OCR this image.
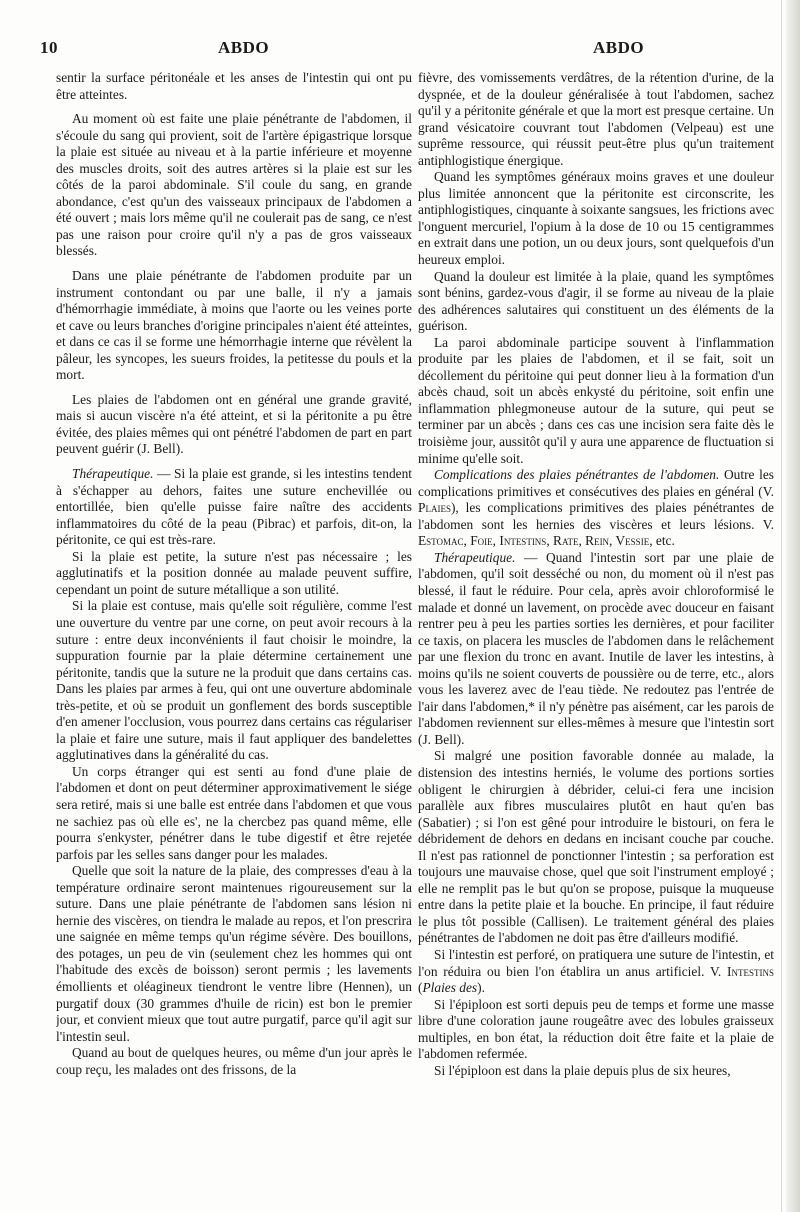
10	ABDO	ABDO

sentir la surface péritonéale et les anses de l'intestin qui ont pu être atteintes.

Au moment où est faite une plaie pénétrante de l'abdomen, il s'écoule du sang qui provient, soit de l'artère épigastrique lorsque la plaie est située au niveau et à la partie inférieure et moyenne des muscles droits, soit des autres artères si la plaie est sur les côtés de la paroi abdominale. S'il coule du sang, en grande abondance, c'est qu'un des vaisseaux principaux de l'abdomen a été ouvert ; mais lors même qu'il ne coulerait pas de sang, ce n'est pas une raison pour croire qu'il n'y a pas de gros vaisseaux blessés.

Dans une plaie pénétrante de l'abdomen produite par un instrument contondant ou par une balle, il n'y a jamais d'hémorrhagie immédiate, à moins que l'aorte ou les veines porte et cave ou leurs branches d'origine principales n'aient été atteintes, et dans ce cas il se forme une hémorrhagie interne que révèlent la pâleur, les syncopes, les sueurs froides, la petitesse du pouls et la mort.

Les plaies de l'abdomen ont en général une grande gravité, mais si aucun viscère n'a été atteint, et si la péritonite a pu être évitée, des plaies mêmes qui ont pénétré l'abdomen de part en part peuvent guérir (J. Bell).

Thérapeutique. — Si la plaie est grande, si les intestins tendent à s'échapper au dehors, faites une suture enchevillée ou entortillée, bien qu'elle puisse faire naître des accidents inflammatoires du côté de la peau (Pibrac) et parfois, dit-on, la péritonite, ce qui est très-rare.

Si la plaie est petite, la suture n'est pas nécessaire ; les agglutinatifs et la position donnée au malade peuvent suffire, cependant un point de suture métallique a son utilité.

Si la plaie est contuse, mais qu'elle soit régulière, comme l'est une ouverture du ventre par une corne, on peut avoir recours à la suture : entre deux inconvénients il faut choisir le moindre, la suppuration fournie par la plaie détermine certainement une péritonite, tandis que la suture ne la produit que dans certains cas. Dans les plaies par armes à feu, qui ont une ouverture abdominale très-petite, et où se produit un gonflement des bords susceptible d'en amener l'occlusion, vous pourrez dans certains cas régulariser la plaie et faire une suture, mais il faut appliquer des bandelettes agglutinatives dans la généralité du cas.

Un corps étranger qui est senti au fond d'une plaie de l'abdomen et dont on peut déterminer approximativement le siége sera retiré, mais si une balle est entrée dans l'abdomen et que vous ne sachiez pas où elle es', ne la chercbez pas quand même, elle pourra s'enkyster, pénétrer dans le tube digestif et être rejetée parfois par les selles sans danger pour les malades.

Quelle que soit la nature de la plaie, des compresses d'eau à la température ordinaire seront maintenues rigoureusement sur la suture. Dans une plaie pénétrante de l'abdomen sans lésion ni hernie des viscères, on tiendra le malade au repos, et l'on prescrira une saignée en même temps qu'un régime sévère. Des bouillons, des potages, un peu de vin (seulement chez les hommes qui ont l'habitude des excès de boisson) seront permis ; les lavements émollients et oléagineux tiendront le ventre libre (Hennen), un purgatif doux (30 grammes d'huile de ricin) est bon le premier jour, et convient mieux que tout autre purgatif, parce qu'il agit sur l'intestin seul.

Quand au bout de quelques heures, ou même d'un jour après le coup reçu, les malades ont des frissons, de la

fièvre, des vomissements verdâtres, de la rétention d'urine, de la dyspnée, et de la douleur généralisée à tout l'abdomen, sachez qu'il y a péritonite générale et que la mort est presque certaine. Un grand vésicatoire couvrant tout l'abdomen (Velpeau) est une suprême ressource, qui réussit peut-être plus qu'un traitement antiphlogistique énergique.

Quand les symptômes généraux moins graves et une douleur plus limitée annoncent que la péritonite est circonscrite, les antiphlogistiques, cinquante à soixante sangsues, les frictions avec l'onguent mercuriel, l'opium à la dose de 10 ou 15 centigrammes en extrait dans une potion, un ou deux jours, sont quelquefois d'un heureux emploi.

Quand la douleur est limitée à la plaie, quand les symptômes sont bénins, gardez-vous d'agir, il se forme au niveau de la plaie des adhérences salutaires qui constituent un des éléments de la guérison.

La paroi abdominale participe souvent à l'inflammation produite par les plaies de l'abdomen, et il se fait, soit un décollement du péritoine qui peut donner lieu à la formation d'un abcès chaud, soit un abcès enkysté du péritoine, soit enfin une inflammation phlegmoneuse autour de la suture, qui peut se terminer par un abcès ; dans ces cas une incision sera faite dès le troisième jour, aussitôt qu'il y aura une apparence de fluctuation si minime qu'elle soit.

Complications des plaies pénétrantes de l'abdomen. Outre les complications primitives et consécutives des plaies en général (V. Plaies), les complications primitives des plaies pénétrantes de l'abdomen sont les hernies des viscères et leurs lésions. V. Estomac, Foie, Intestins, Rate, Rein, Vessie, etc.

Thérapeutique. — Quand l'intestin sort par une plaie de l'abdomen, qu'il soit desséché ou non, du moment où il n'est pas blessé, il faut le réduire. Pour cela, après avoir chloroformisé le malade et donné un lavement, on procède avec douceur en faisant rentrer peu à peu les parties sorties les dernières, et pour faciliter ce taxis, on placera les muscles de l'abdomen dans le relâchement par une flexion du tronc en avant. Inutile de laver les intestins, à moins qu'ils ne soient couverts de poussière ou de terre, etc., alors vous les laverez avec de l'eau tiède. Ne redoutez pas l'entrée de l'air dans l'abdomen,* il n'y pénètre pas aisément, car les parois de l'abdomen reviennent sur elles-mêmes à mesure que l'intestin sort (J. Bell).

Si malgré une position favorable donnée au malade, la distension des intestins herniés, le volume des portions sorties obligent le chirurgien à débrider, celui-ci fera une incision parallèle aux fibres musculaires plutôt en haut qu'en bas (Sabatier) ; si l'on est gêné pour introduire le bistouri, on fera le débridement de dehors en dedans en incisant couche par couche. Il n'est pas rationnel de ponctionner l'intestin ; sa perforation est toujours une mauvaise chose, quel que soit l'instrument employé ; elle ne remplit pas le but qu'on se propose, puisque la muqueuse entre dans la petite plaie et la bouche. En principe, il faut réduire le plus tôt possible (Callisen). Le traitement général des plaies pénétrantes de l'abdomen ne doit pas être d'ailleurs modifié.

Si l'intestin est perforé, on pratiquera une suture de l'intestin, et l'on réduira ou bien l'on établira un anus artificiel. V. Intestins (Plaies des).

Si l'épiploon est sorti depuis peu de temps et forme une masse libre d'une coloration jaune rougeâtre avec des lobules graisseux multiples, en bon état, la réduction doit être faite et la plaie de l'abdomen refermée.

Si l'épiploon est dans la plaie depuis plus de six heures,
